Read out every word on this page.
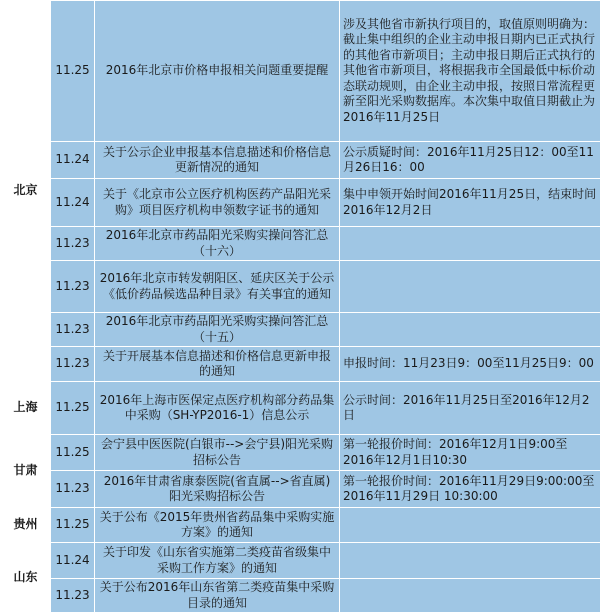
北京	11.25	2016年北京市价格申报相关问题重要提醒	涉及其他省市新执行项目的，取值原则明确为：截止集中组织的企业主动申报日期内已正式执行的其他省市新项目；主动申报日期后正式执行的其他省市新项目，将根据我市全国最低中标价动态联动规则，由企业主动申报，按照日常流程更新至阳光采购数据库。本次集中取值日期截止为2016年11月25日
	11.24	关于公示企业申报基本信息描述和价格信息更新情况的通知	公示质疑时间：2016年11月25日12：00至11月26日16：00
	11.24	关于《北京市公立医疗机构医药产品阳光采购》项目医疗机构申领数字证书的通知	集中申领开始时间2016年11月25日，结束时间2016年12月2日
	11.23	2016年北京市药品阳光采购实操问答汇总（十六）	
	11.23	2016年北京市转发朝阳区、延庆区关于公示《低价药品候选品种目录》有关事宜的通知	
	11.23	2016年北京市药品阳光采购实操问答汇总（十五）	
	11.23	关于开展基本信息描述和价格信息更新申报的通知	申报时间：11月23日9：00至11月25日9：00
上海	11.25	2016年上海市医保定点医疗机构部分药品集中采购（SH-YP2016-1）信息公示	公示时间：2016年11月25日至2016年12月2日
甘肃	11.25	会宁县中医医院(白银市-->会宁县)阳光采购招标公告	第一轮报价时间：2016年12月1日9:00至2016年12月1日10:30
	11.23	2016年甘肃省康泰医院(省直属-->省直属)阳光采购招标公告	第一轮报价时间：2016年11月29日9:00:00至2016年11月29日 10:30:00
贵州	11.25	关于公布《2015年贵州省药品集中采购实施方案》的通知	
山东	11.24	关于印发《山东省实施第二类疫苗省级集中采购工作方案》的通知	
	11.23	关于公布2016年山东省第二类疫苗集中采购目录的通知	
